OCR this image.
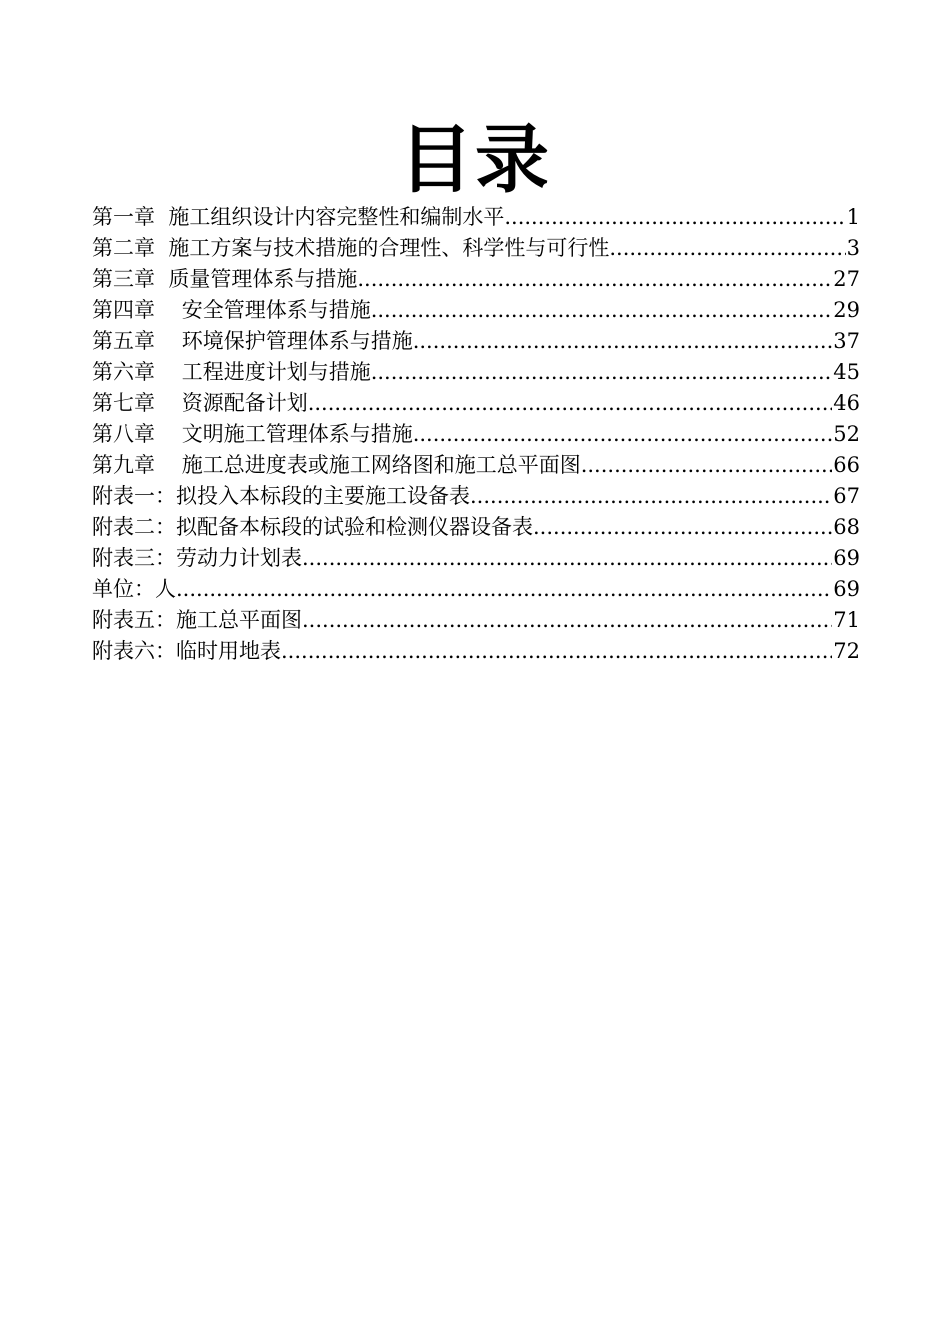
目录
第一章  施工组织设计内容完整性和编制水平 .....	1
第二章  施工方案与技术措施的合理性、科学性与可行性 .....	3
第三章  质量管理体系与措施 .....	27
第四章    安全管理体系与措施 .....	29
第五章    环境保护管理体系与措施 .....	37
第六章    工程进度计划与措施 .....	45
第七章    资源配备计划 .....	46
第八章    文明施工管理体系与措施 .....	52
第九章    施工总进度表或施工网络图和施工总平面图 .....	66
附表一：拟投入本标段的主要施工设备表 .....	67
附表二：拟配备本标段的试验和检测仪器设备表 .....	68
附表三：劳动力计划表 .....	69
单位：人 .....	69
附表五：施工总平面图 .....	71
附表六：临时用地表 .....	72
